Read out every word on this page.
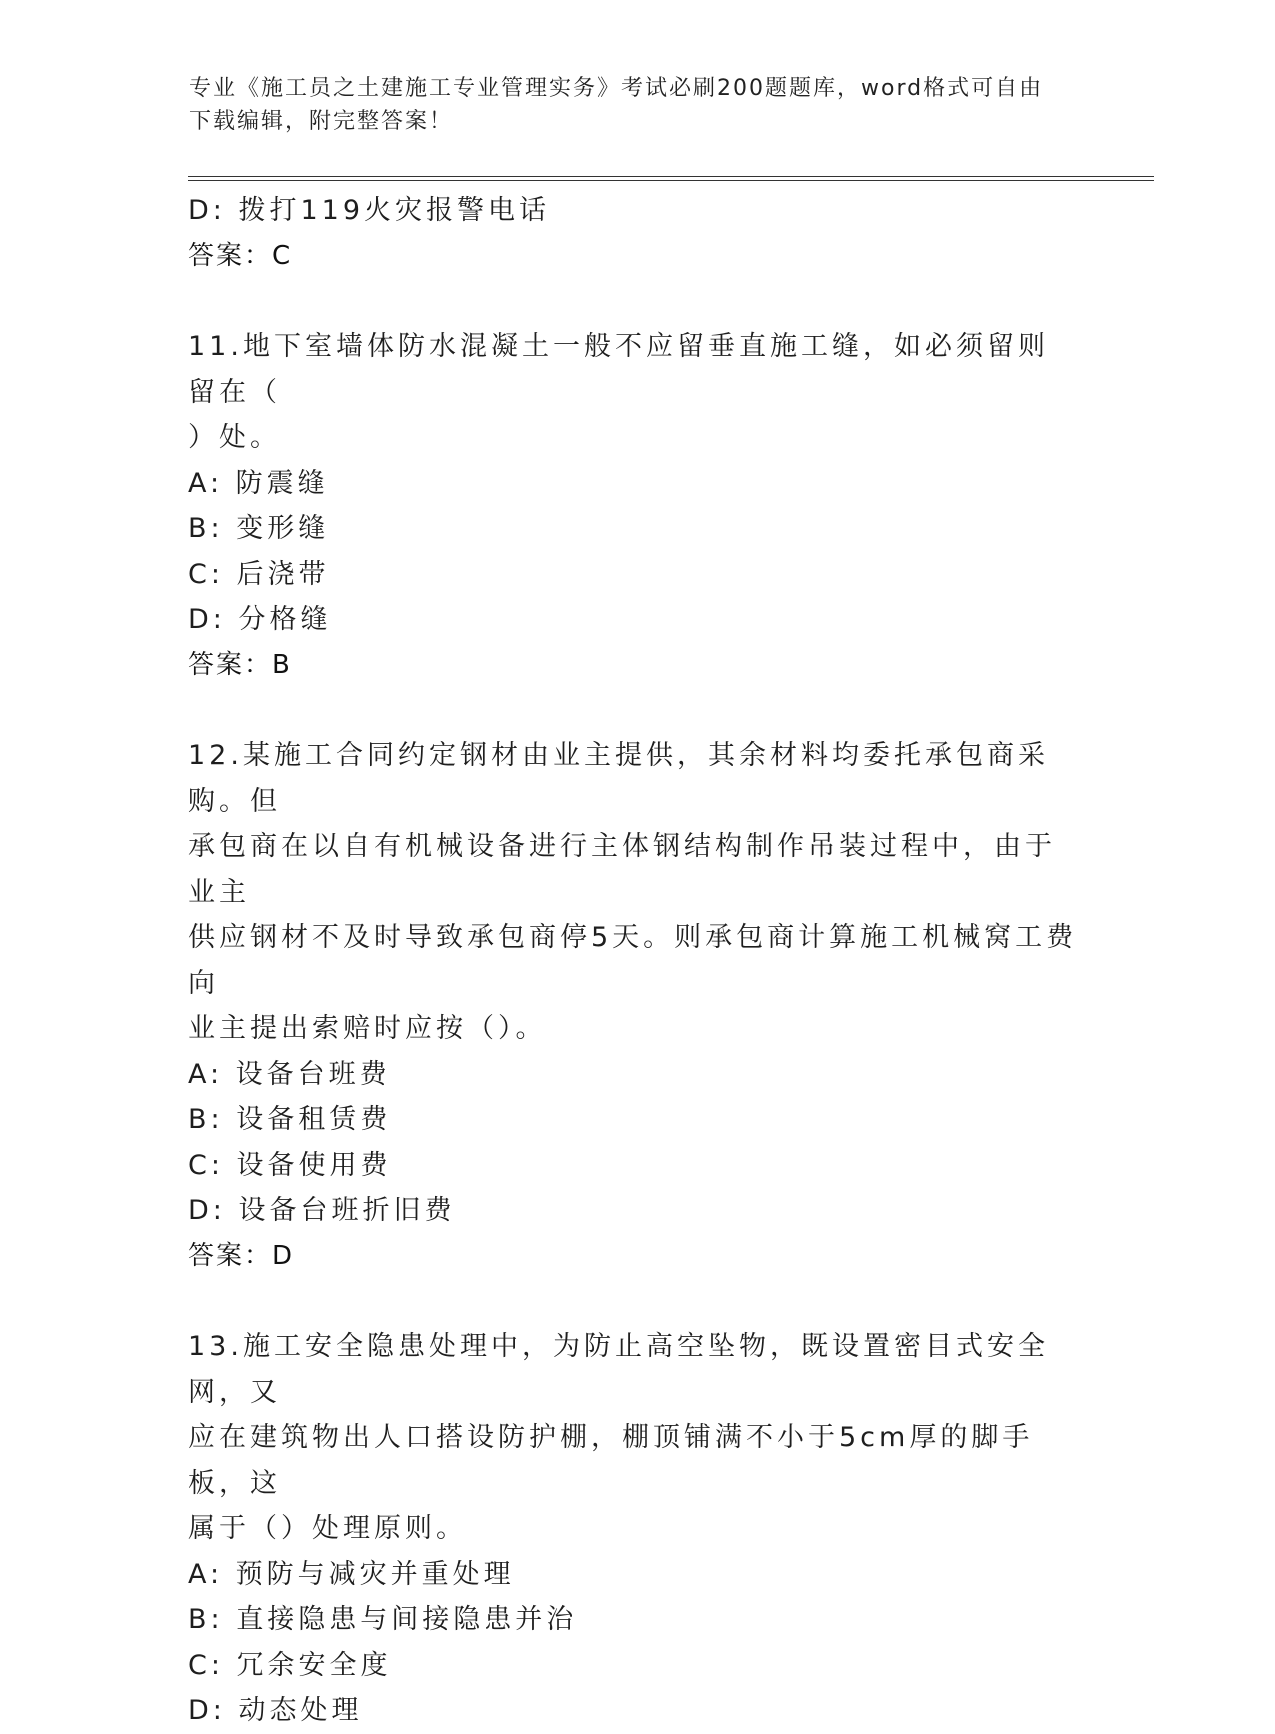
专业《施工员之土建施工专业管理实务》考试必刷200题题库，word格式可自由
下载编辑，附完整答案！
D: 拨打119火灾报警电话
答案：C
11.地下室墙体防水混凝土一般不应留垂直施工缝，如必须留则留在（
）处。
A: 防震缝
B: 变形缝
C: 后浇带
D: 分格缝
答案：B
12.某施工合同约定钢材由业主提供，其余材料均委托承包商采购。但
承包商在以自有机械设备进行主体钢结构制作吊装过程中，由于业主
供应钢材不及时导致承包商停5天。则承包商计算施工机械窝工费向
业主提出索赔时应按（）。
A: 设备台班费
B: 设备租赁费
C: 设备使用费
D: 设备台班折旧费
答案：D
13.施工安全隐患处理中，为防止高空坠物，既设置密目式安全网，又
应在建筑物出人口搭设防护棚，棚顶铺满不小于5cm厚的脚手板，这
属于（）处理原则。
A: 预防与减灾并重处理
B: 直接隐患与间接隐患并治
C: 冗余安全度
D: 动态处理
